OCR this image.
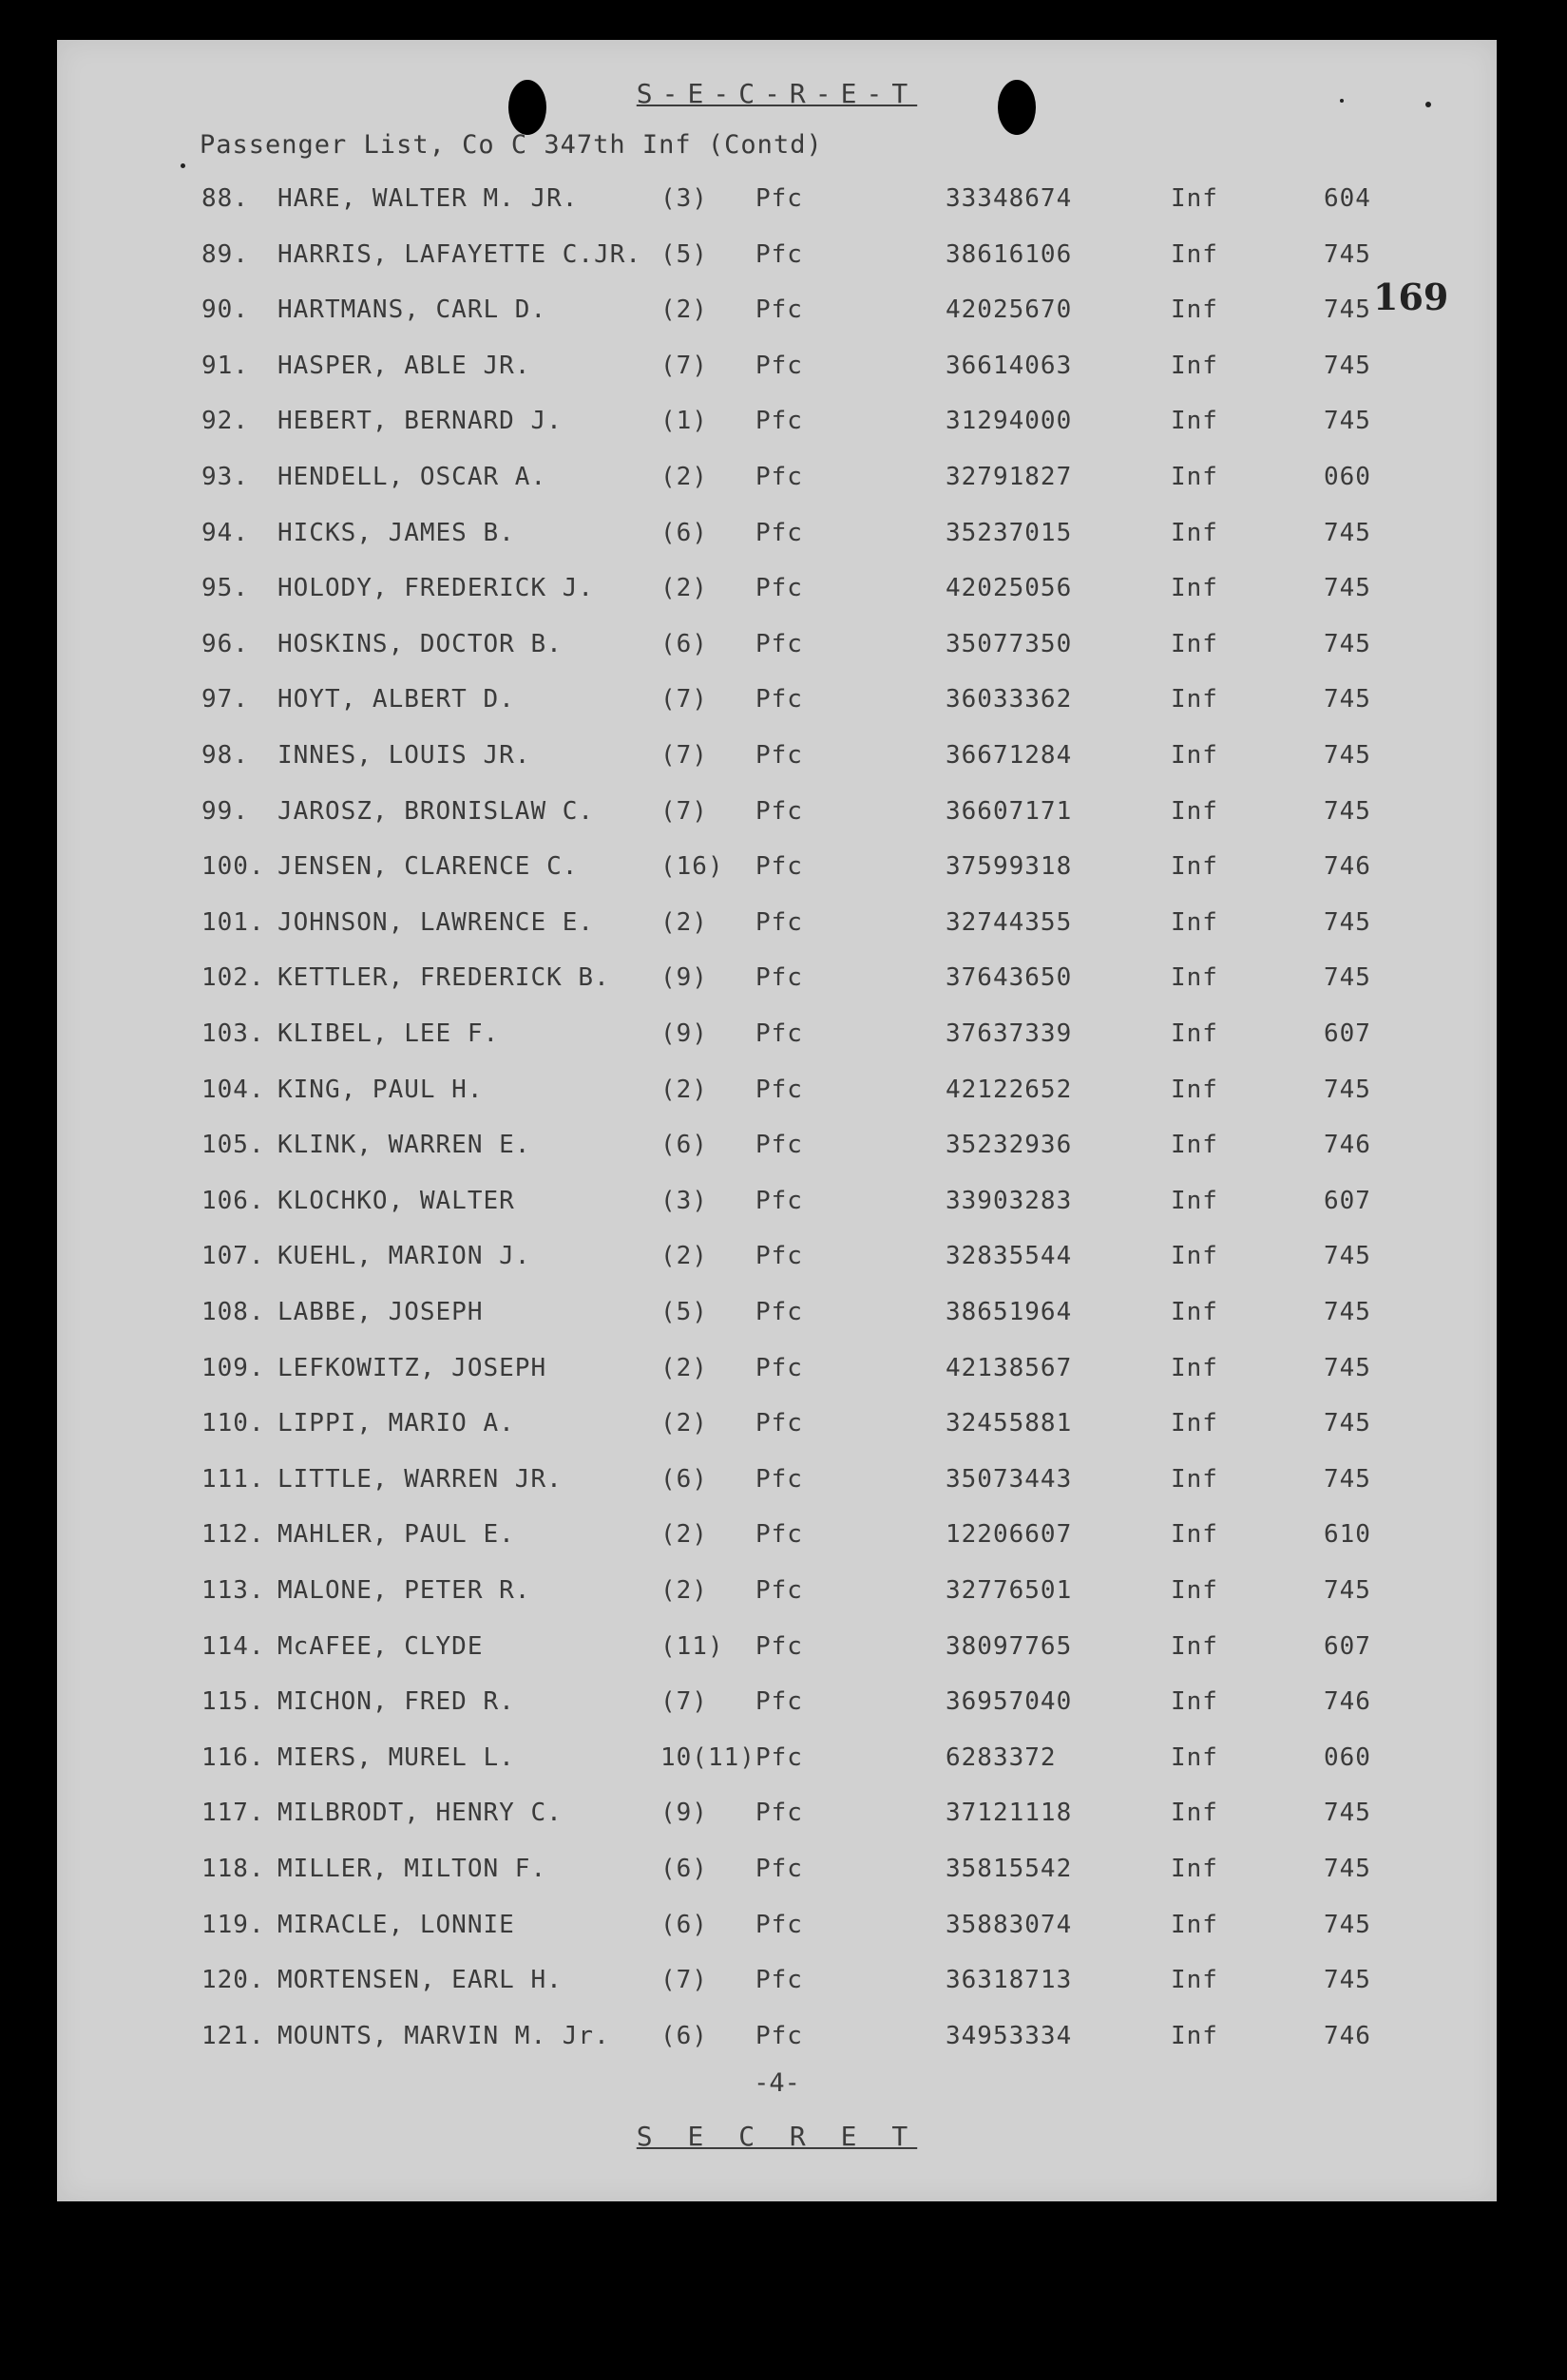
S-E-C-R-E-T
Passenger List, Co C 347th Inf (Contd)
169
88. HARE, WALTER M. JR.	(3) Pfc	33348674	Inf	604
89. HARRIS, LAFAYETTE C.JR. (5) Pfc	38616106	Inf	745
90. HARTMANS, CARL D.	(2) Pfc	42025670	Inf	745
91. HASPER, ABLE JR.	(7) Pfc	36614063	Inf	745
92. HEBERT, BERNARD J.	(1) Pfc	31294000	Inf	745
93. HENDELL, OSCAR A.	(2) Pfc	32791827	Inf	060
94. HICKS, JAMES B.	(6) Pfc	35237015	Inf	745
95. HOLODY, FREDERICK J.	(2) Pfc	42025056	Inf	745
96. HOSKINS, DOCTOR B.	(6) Pfc	35077350	Inf	745
97. HOYT, ALBERT D.	(7) Pfc	36033362	Inf	745
98. INNES, LOUIS JR.	(7) Pfc	36671284	Inf	745
99. JAROSZ, BRONISLAW C.	(7) Pfc	36607171	Inf	745
100. JENSEN, CLARENCE C.	(16) Pfc	37599318	Inf	746
101. JOHNSON, LAWRENCE E.	(2) Pfc	32744355	Inf	745
102. KETTLER, FREDERICK B. (9) Pfc	37643650	Inf	745
103. KLIBEL, LEE F.	(9) Pfc	37637339	Inf	607
104. KING, PAUL H.	(2) Pfc	42122652	Inf	745
105. KLINK, WARREN E.	(6) Pfc	35232936	Inf	746
106. KLOCHKO, WALTER	(3) Pfc	33903283	Inf	607
107. KUEHL, MARION J.	(2) Pfc	32835544	Inf	745
108. LABBE, JOSEPH	(5) Pfc	38651964	Inf	745
109. LEFKOWITZ, JOSEPH	(2) Pfc	42138567	Inf	745
110. LIPPI, MARIO A.	(2) Pfc	32455881	Inf	745
111. LITTLE, WARREN JR.	(6) Pfc	35073443	Inf	745
112. MAHLER, PAUL E.	(2) Pfc	12206607	Inf	610
113. MALONE, PETER R.	(2) Pfc	32776501	Inf	745
114. McAFEE, CLYDE	(11) Pfc	38097765	Inf	607
115. MICHON, FRED R.	(7) Pfc	36957040	Inf	746
116. MIERS, MUREL L.	10(11) Pfc	6283372	Inf	060
117. MILBRODT, HENRY C.	(9) Pfc	37121118	Inf	745
118. MILLER, MILTON F.	(6) Pfc	35815542	Inf	745
119. MIRACLE, LONNIE	(6) Pfc	35883074	Inf	745
120. MORTENSEN, EARL H.	(7) Pfc	36318713	Inf	745
121. MOUNTS, MARVIN M. Jr. (6) Pfc	34953334	Inf	746
-4-
S E C R E T
